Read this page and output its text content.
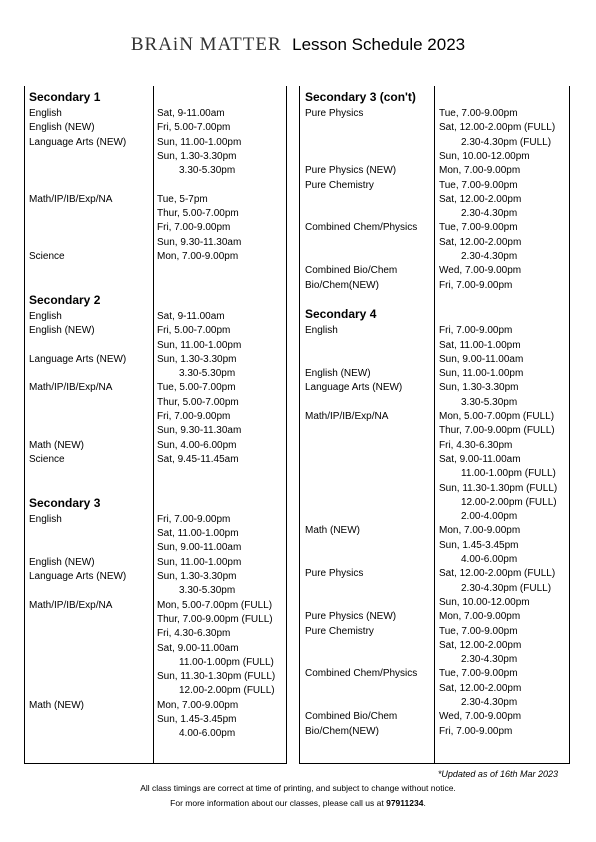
BRAiN MATTER Lesson Schedule 2023
Secondary 1
English	Sat, 9-11.00am
English (NEW)	Fri, 5.00-7.00pm
Language Arts (NEW)	Sun, 11.00-1.00pm
Sun, 1.30-3.30pm
3.30-5.30pm
Math/IP/IB/Exp/NA	Tue, 5-7pm
Thur, 5.00-7.00pm
Fri, 7.00-9.00pm
Sun, 9.30-11.30am
Science	Mon, 7.00-9.00pm
Secondary 2
English	Sat, 9-11.00am
English (NEW)	Fri, 5.00-7.00pm
Sun, 11.00-1.00pm
Language Arts (NEW)	Sun, 1.30-3.30pm
3.30-5.30pm
Math/IP/IB/Exp/NA	Tue, 5.00-7.00pm
Thur, 5.00-7.00pm
Fri, 7.00-9.00pm
Sun, 9.30-11.30am
Math (NEW)	Sun, 4.00-6.00pm
Science	Sat, 9.45-11.45am
Secondary 3
English	Fri, 7.00-9.00pm
Sat, 11.00-1.00pm
Sun, 9.00-11.00am
English (NEW)	Sun, 11.00-1.00pm
Language Arts (NEW)	Sun, 1.30-3.30pm
3.30-5.30pm
Math/IP/IB/Exp/NA	Mon, 5.00-7.00pm (FULL)
Thur, 7.00-9.00pm (FULL)
Fri, 4.30-6.30pm
Sat, 9.00-11.00am
11.00-1.00pm (FULL)
Sun, 11.30-1.30pm (FULL)
12.00-2.00pm (FULL)
Math (NEW)	Mon, 7.00-9.00pm
Sun, 1.45-3.45pm
4.00-6.00pm
Secondary 3 (con't)
Pure Physics	Tue, 7.00-9.00pm
Sat, 12.00-2.00pm (FULL)
2.30-4.30pm (FULL)
Sun, 10.00-12.00pm
Pure Physics (NEW)	Mon, 7.00-9.00pm
Pure Chemistry	Tue, 7.00-9.00pm
Sat, 12.00-2.00pm
2.30-4.30pm
Combined Chem/Physics Tue, 7.00-9.00pm
Sat, 12.00-2.00pm
2.30-4.30pm
Combined Bio/Chem	Wed, 7.00-9.00pm
Bio/Chem(NEW)	Fri, 7.00-9.00pm
Secondary 4
English	Fri, 7.00-9.00pm
Sat, 11.00-1.00pm
Sun, 9.00-11.00am
English (NEW)	Sun, 11.00-1.00pm
Language Arts (NEW)	Sun, 1.30-3.30pm
3.30-5.30pm
Math/IP/IB/Exp/NA	Mon, 5.00-7.00pm (FULL)
Thur, 7.00-9.00pm (FULL)
Fri, 4.30-6.30pm
Sat, 9.00-11.00am
11.00-1.00pm (FULL)
Sun, 11.30-1.30pm (FULL)
12.00-2.00pm (FULL)
2.00-4.00pm
Math (NEW)	Mon, 7.00-9.00pm
Sun, 1.45-3.45pm
4.00-6.00pm
Pure Physics	Sat, 12.00-2.00pm (FULL)
2.30-4.30pm (FULL)
Sun, 10.00-12.00pm
Pure Physics (NEW)	Mon, 7.00-9.00pm
Pure Chemistry	Tue, 7.00-9.00pm
Sat, 12.00-2.00pm
2.30-4.30pm
Combined Chem/Physics Tue, 7.00-9.00pm
Sat, 12.00-2.00pm
2.30-4.30pm
Combined Bio/Chem	Wed, 7.00-9.00pm
Bio/Chem(NEW)	Fri, 7.00-9.00pm
*Updated as of 16th Mar 2023
All class timings are correct at time of printing, and subject to change without notice.
For more information about our classes, please call us at 97911234.
